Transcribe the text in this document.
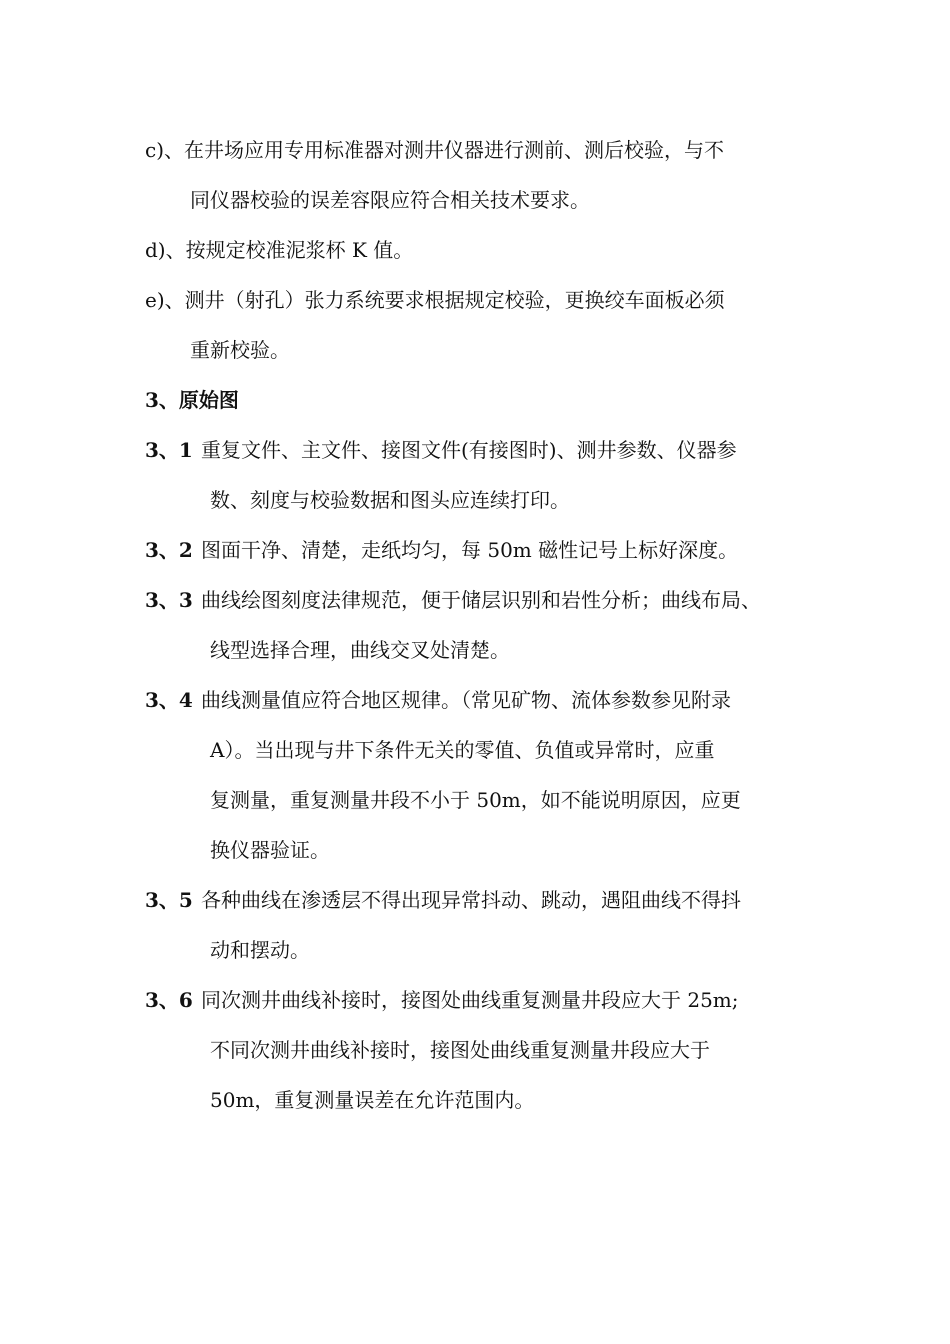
c)、在井场应用专用标准器对测井仪器进行测前、测后校验，与不
同仪器校验的误差容限应符合相关技术要求。
d)、按规定校准泥浆杯 K 值。
e)、测井（射孔）张力系统要求根据规定校验，更换绞车面板必须
重新校验。
3、原始图
3、1 重复文件、主文件、接图文件(有接图时)、测井参数、仪器参
数、刻度与校验数据和图头应连续打印。
3、2 图面干净、清楚，走纸均匀，每 50m 磁性记号上标好深度。
3、3 曲线绘图刻度法律规范，便于储层识别和岩性分析；曲线布局、
线型选择合理，曲线交叉处清楚。
3、4 曲线测量值应符合地区规律。（常见矿物、流体参数参见附录
A）。当出现与井下条件无关的零值、负值或异常时，应重
复测量，重复测量井段不小于 50m，如不能说明原因，应更
换仪器验证。
3、5 各种曲线在渗透层不得出现异常抖动、跳动，遇阻曲线不得抖
动和摆动。
3、6 同次测井曲线补接时，接图处曲线重复测量井段应大于 25m;
不同次测井曲线补接时，接图处曲线重复测量井段应大于
50m，重复测量误差在允许范围内。
